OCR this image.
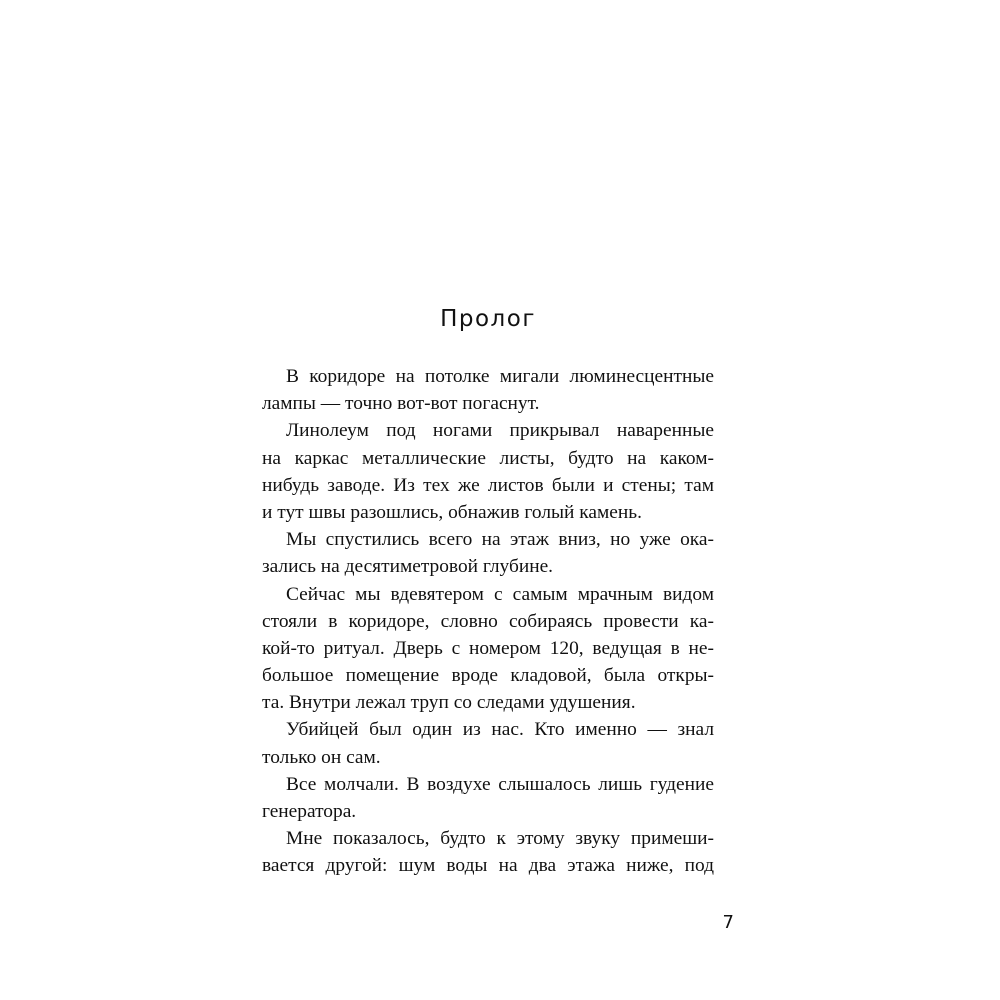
Пролог
В коридоре на потолке мигали люминесцентные
лампы — точно вот-вот погаснут.
Линолеум под ногами прикрывал наваренные
на каркас металлические листы, будто на каком-
нибудь заводе. Из тех же листов были и стены; там
и тут швы разошлись, обнажив голый камень.
Мы спустились всего на этаж вниз, но уже ока-
зались на десятиметровой глубине.
Сейчас мы вдевятером с самым мрачным видом
стояли в коридоре, словно собираясь провести ка-
кой-то ритуал. Дверь с номером 120, ведущая в не-
большое помещение вроде кладовой, была откры-
та. Внутри лежал труп со следами удушения.
Убийцей был один из нас. Кто именно — знал
только он сам.
Все молчали. В воздухе слышалось лишь гудение
генератора.
Мне показалось, будто к этому звуку примеши-
вается другой: шум воды на два этажа ниже, под
7
